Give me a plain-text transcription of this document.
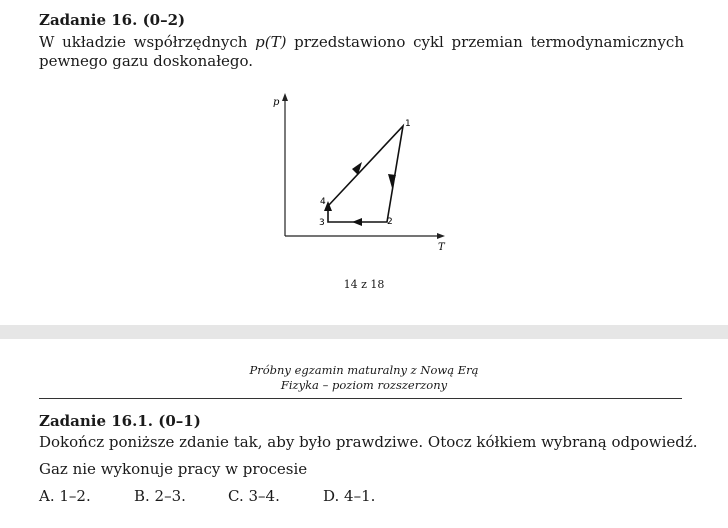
Zadanie 16. (0–2)
W układzie współrzędnych p(T) przedstawiono cykl przemian termodynamicznych pewnego gazu doskonałego.
p
T
1
2
3
4
14 z 18
Próbny egzamin maturalny z Nową Erą
Fizyka – poziom rozszerzony
Zadanie 16.1. (0–1)
Dokończ poniższe zdanie tak, aby było prawdziwe. Otocz kółkiem wybraną odpowiedź.
Gaz nie wykonuje pracy w procesie
A. 1–2.	B. 2–3.	C. 3–4.	D. 4–1.
